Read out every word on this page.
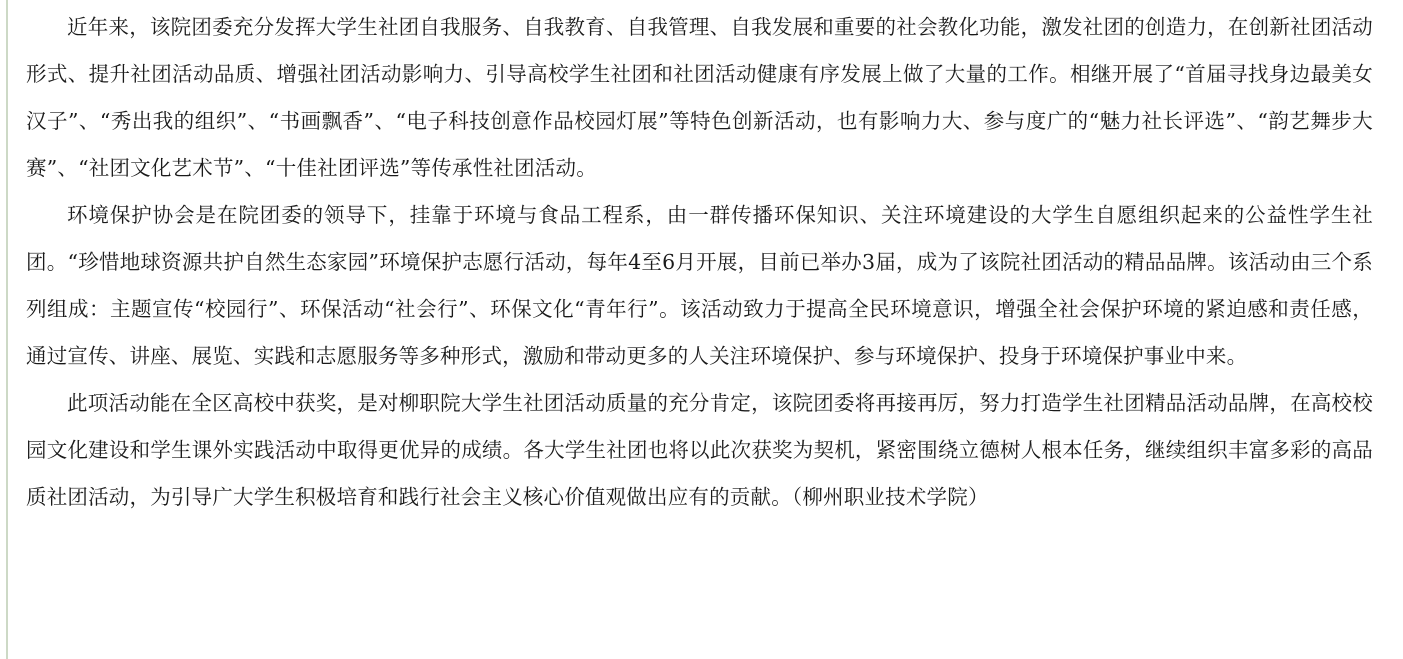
近年来，该院团委充分发挥大学生社团自我服务、自我教育、自我管理、自我发展和重要的社会教化功能，激发社团的创造力，在创新社团活动形式、提升社团活动品质、增强社团活动影响力、引导高校学生社团和社团活动健康有序发展上做了大量的工作。相继开展了“首届寻找身边最美女汉子”、“秀出我的组织”、“书画飘香”、“电子科技创意作品校园灯展”等特色创新活动，也有影响力大、参与度广的“魅力社长评选”、“韵艺舞步大赛”、“社团文化艺术节”、“十佳社团评选”等传承性社团活动。

环境保护协会是在院团委的领导下，挂靠于环境与食品工程系，由一群传播环保知识、关注环境建设的大学生自愿组织起来的公益性学生社团。“珍惜地球资源共护自然生态家园”环境保护志愿行活动，每年4至6月开展，目前已举办3届，成为了该院社团活动的精品品牌。该活动由三个系列组成：主题宣传“校园行”、环保活动“社会行”、环保文化“青年行”。该活动致力于提高全民环境意识，增强全社会保护环境的紧迫感和责任感，通过宣传、讲座、展览、实践和志愿服务等多种形式，激励和带动更多的人关注环境保护、参与环境保护、投身于环境保护事业中来。

此项活动能在全区高校中获奖，是对柳职院大学生社团活动质量的充分肯定，该院团委将再接再厉，努力打造学生社团精品活动品牌，在高校校园文化建设和学生课外实践活动中取得更优异的成绩。各大学生社团也将以此次获奖为契机，紧密围绕立德树人根本任务，继续组织丰富多彩的高品质社团活动，为引导广大学生积极培育和践行社会主义核心价值观做出应有的贡献。（柳州职业技术学院）
